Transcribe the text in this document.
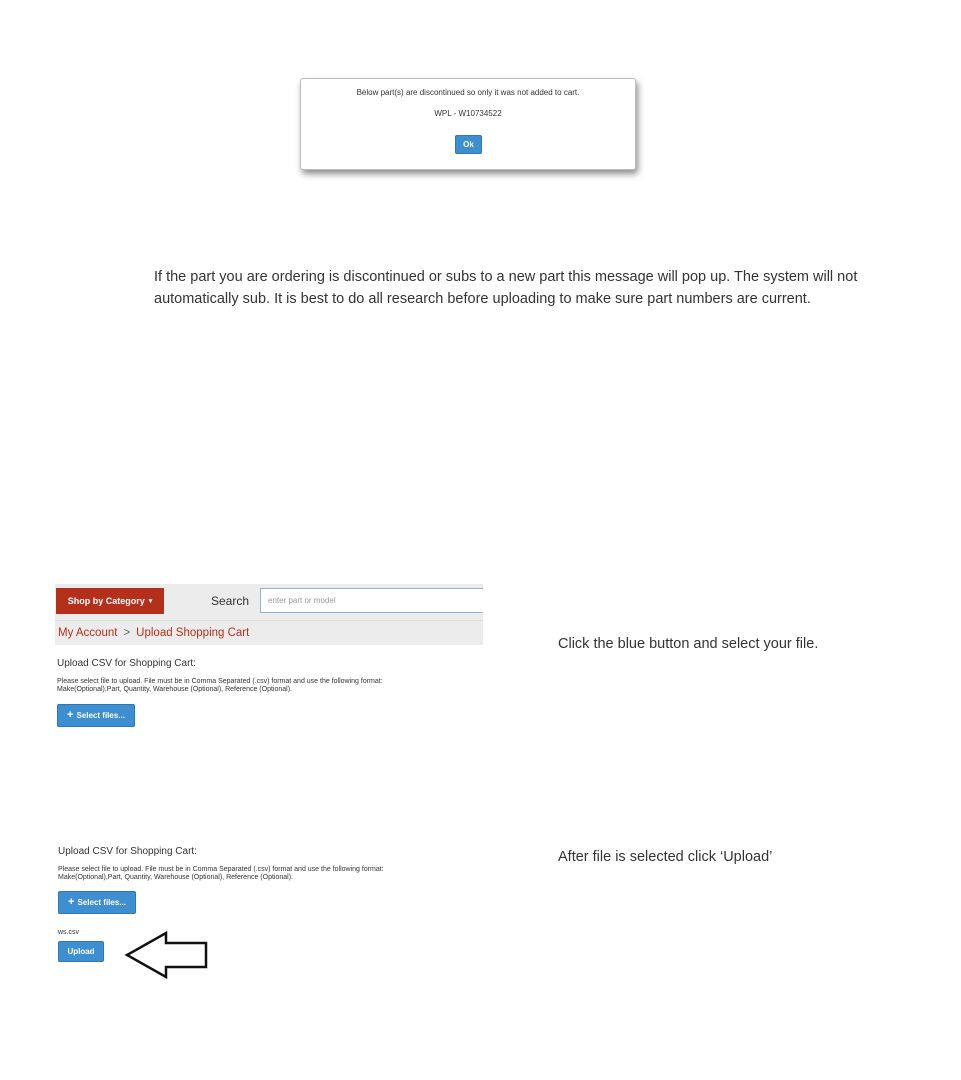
Below part(s) are discontinued so only it was not added to cart.
WPL - W10734522
Ok
If the part you are ordering is discontinued or subs to a new part this message will pop up. The system will not automatically sub. It is best to do all research before uploading to make sure part numbers are current.
Shop by Category ▾	Search
enter part or model
My Account > Upload Shopping Cart
Upload CSV for Shopping Cart:
Please select file to upload. File must be in Comma Separated (.csv) format and use the following format:
Make(Optional),Part, Quantity, Warehouse (Optional), Reference (Optional).
+ Select files...
Click the blue button and select your file.
Upload CSV for Shopping Cart:
Please select file to upload. File must be in Comma Separated (.csv) format and use the following format:
Make(Optional),Part, Quantity, Warehouse (Optional), Reference (Optional).
+ Select files...
ws.csv
Upload
After file is selected click ‘Upload’
